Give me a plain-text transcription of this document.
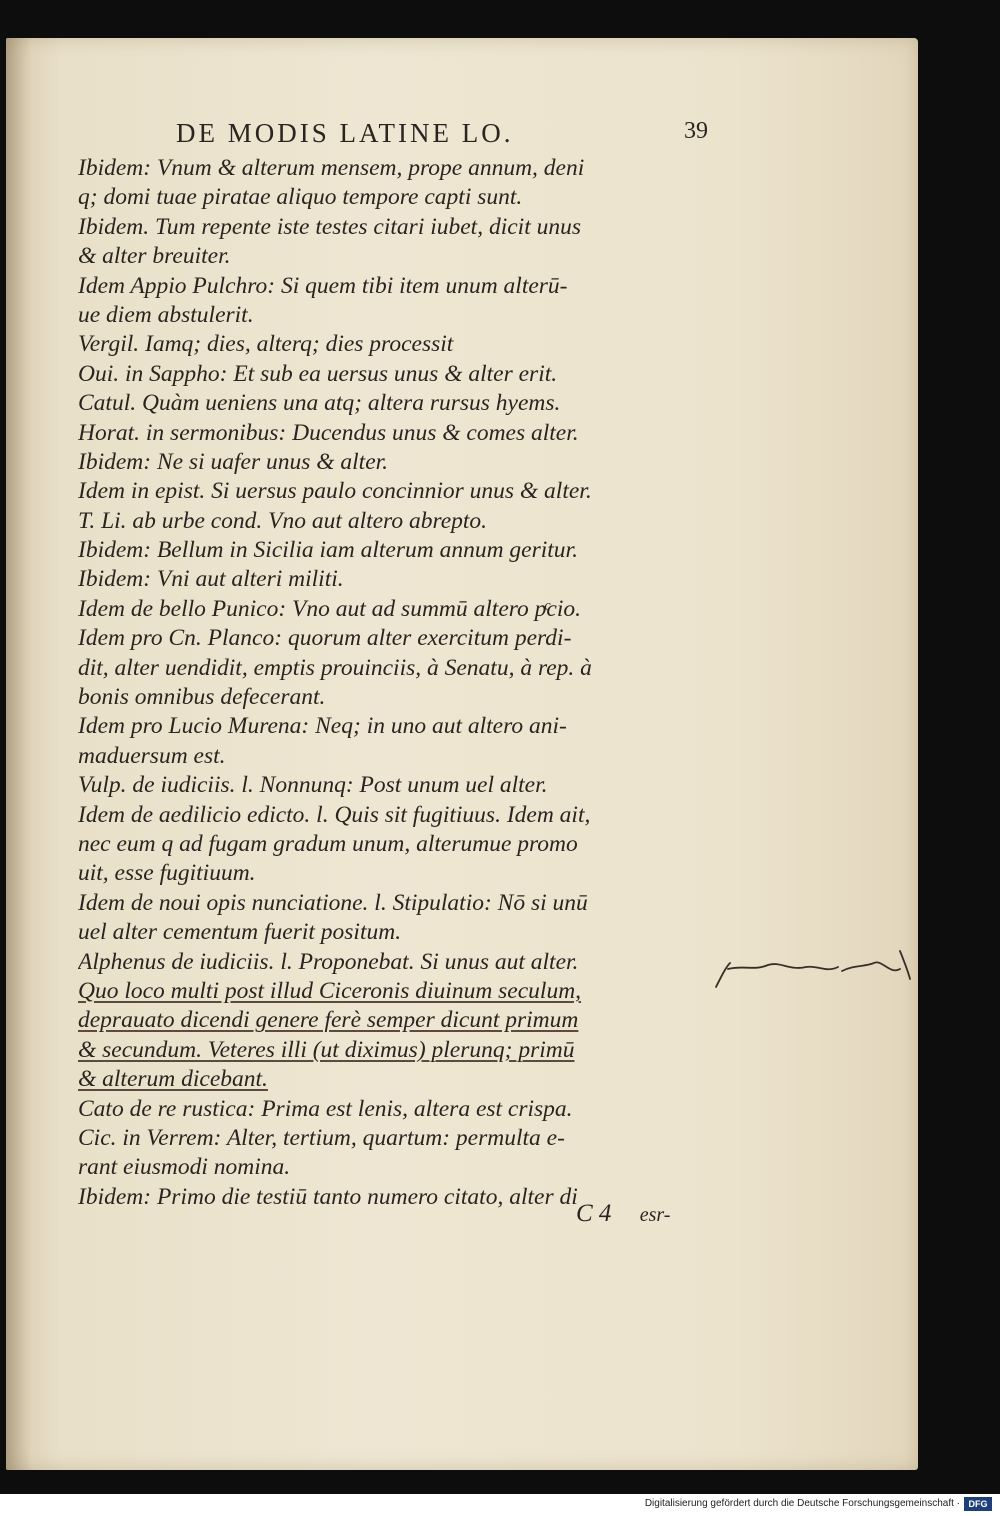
DE MODIS LATINE LO.	39
Ibidem: Vnum & alterum mensem, prope annum, deni
q; domi tuae piratae aliquo tempore capti sunt.
Ibidem. Tum repente iste testes citari iubet, dicit unus
& alter breuiter.
Idem Appio Pulchro: Si quem tibi item unum alterū-
ue diem abstulerit.
Vergil. Iamq; dies, alterq; dies processit
Oui. in Sappho: Et sub ea uersus unus & alter erit.
Catul. Quàm ueniens una atq; altera rursus hyems.
Horat. in sermonibus: Ducendus unus & comes alter.
Ibidem: Ne si uafer unus & alter.
Idem in epist. Si uersus paulo concinnior unus & alter.
T. Li. ab urbe cond. Vno aut altero abrepto.
Ibidem: Bellum in Sicilia iam alterum annum geritur.
Ibidem: Vni aut alteri militi.
Idem de bello Punico: Vno aut ad summū altero pͨcio.
Idem pro Cn. Planco: quorum alter exercitum perdi-
dit, alter uendidit, emptis prouinciis, à Senatu, à rep. à
bonis omnibus defecerant.
Idem pro Lucio Murena: Neq; in uno aut altero ani-
maduersum est.
Vulp. de iudiciis. l. Nonnunq: Post unum uel alter.
Idem de aedilicio edicto. l. Quis sit fugitiuus. Idem ait,
nec eum q ad fugam gradum unum, alterumue promo
uit, esse fugitiuum.
Idem de noui opis nunciatione. l. Stipulatio: Nō si unū
uel alter cementum fuerit positum.
Alphenus de iudiciis. l. Proponebat. Si unus aut alter.
Quo loco multi post illud Ciceronis diuinum seculum,
deprauato dicendi genere ferè semper dicunt primum
& secundum. Veteres illi (ut diximus) plerunq; primū
& alterum dicebant.
Cato de re rustica: Prima est lenis, altera est crispa.
Cic. in Verrem: Alter, tertium, quartum: permulta e-
rant eiusmodi nomina.
Ibidem: Primo die testiū tanto numero citato, alter di
C 4 esr-
Digitalisierung gefördert durch die Deutsche Forschungsgemeinschaft · DFG
